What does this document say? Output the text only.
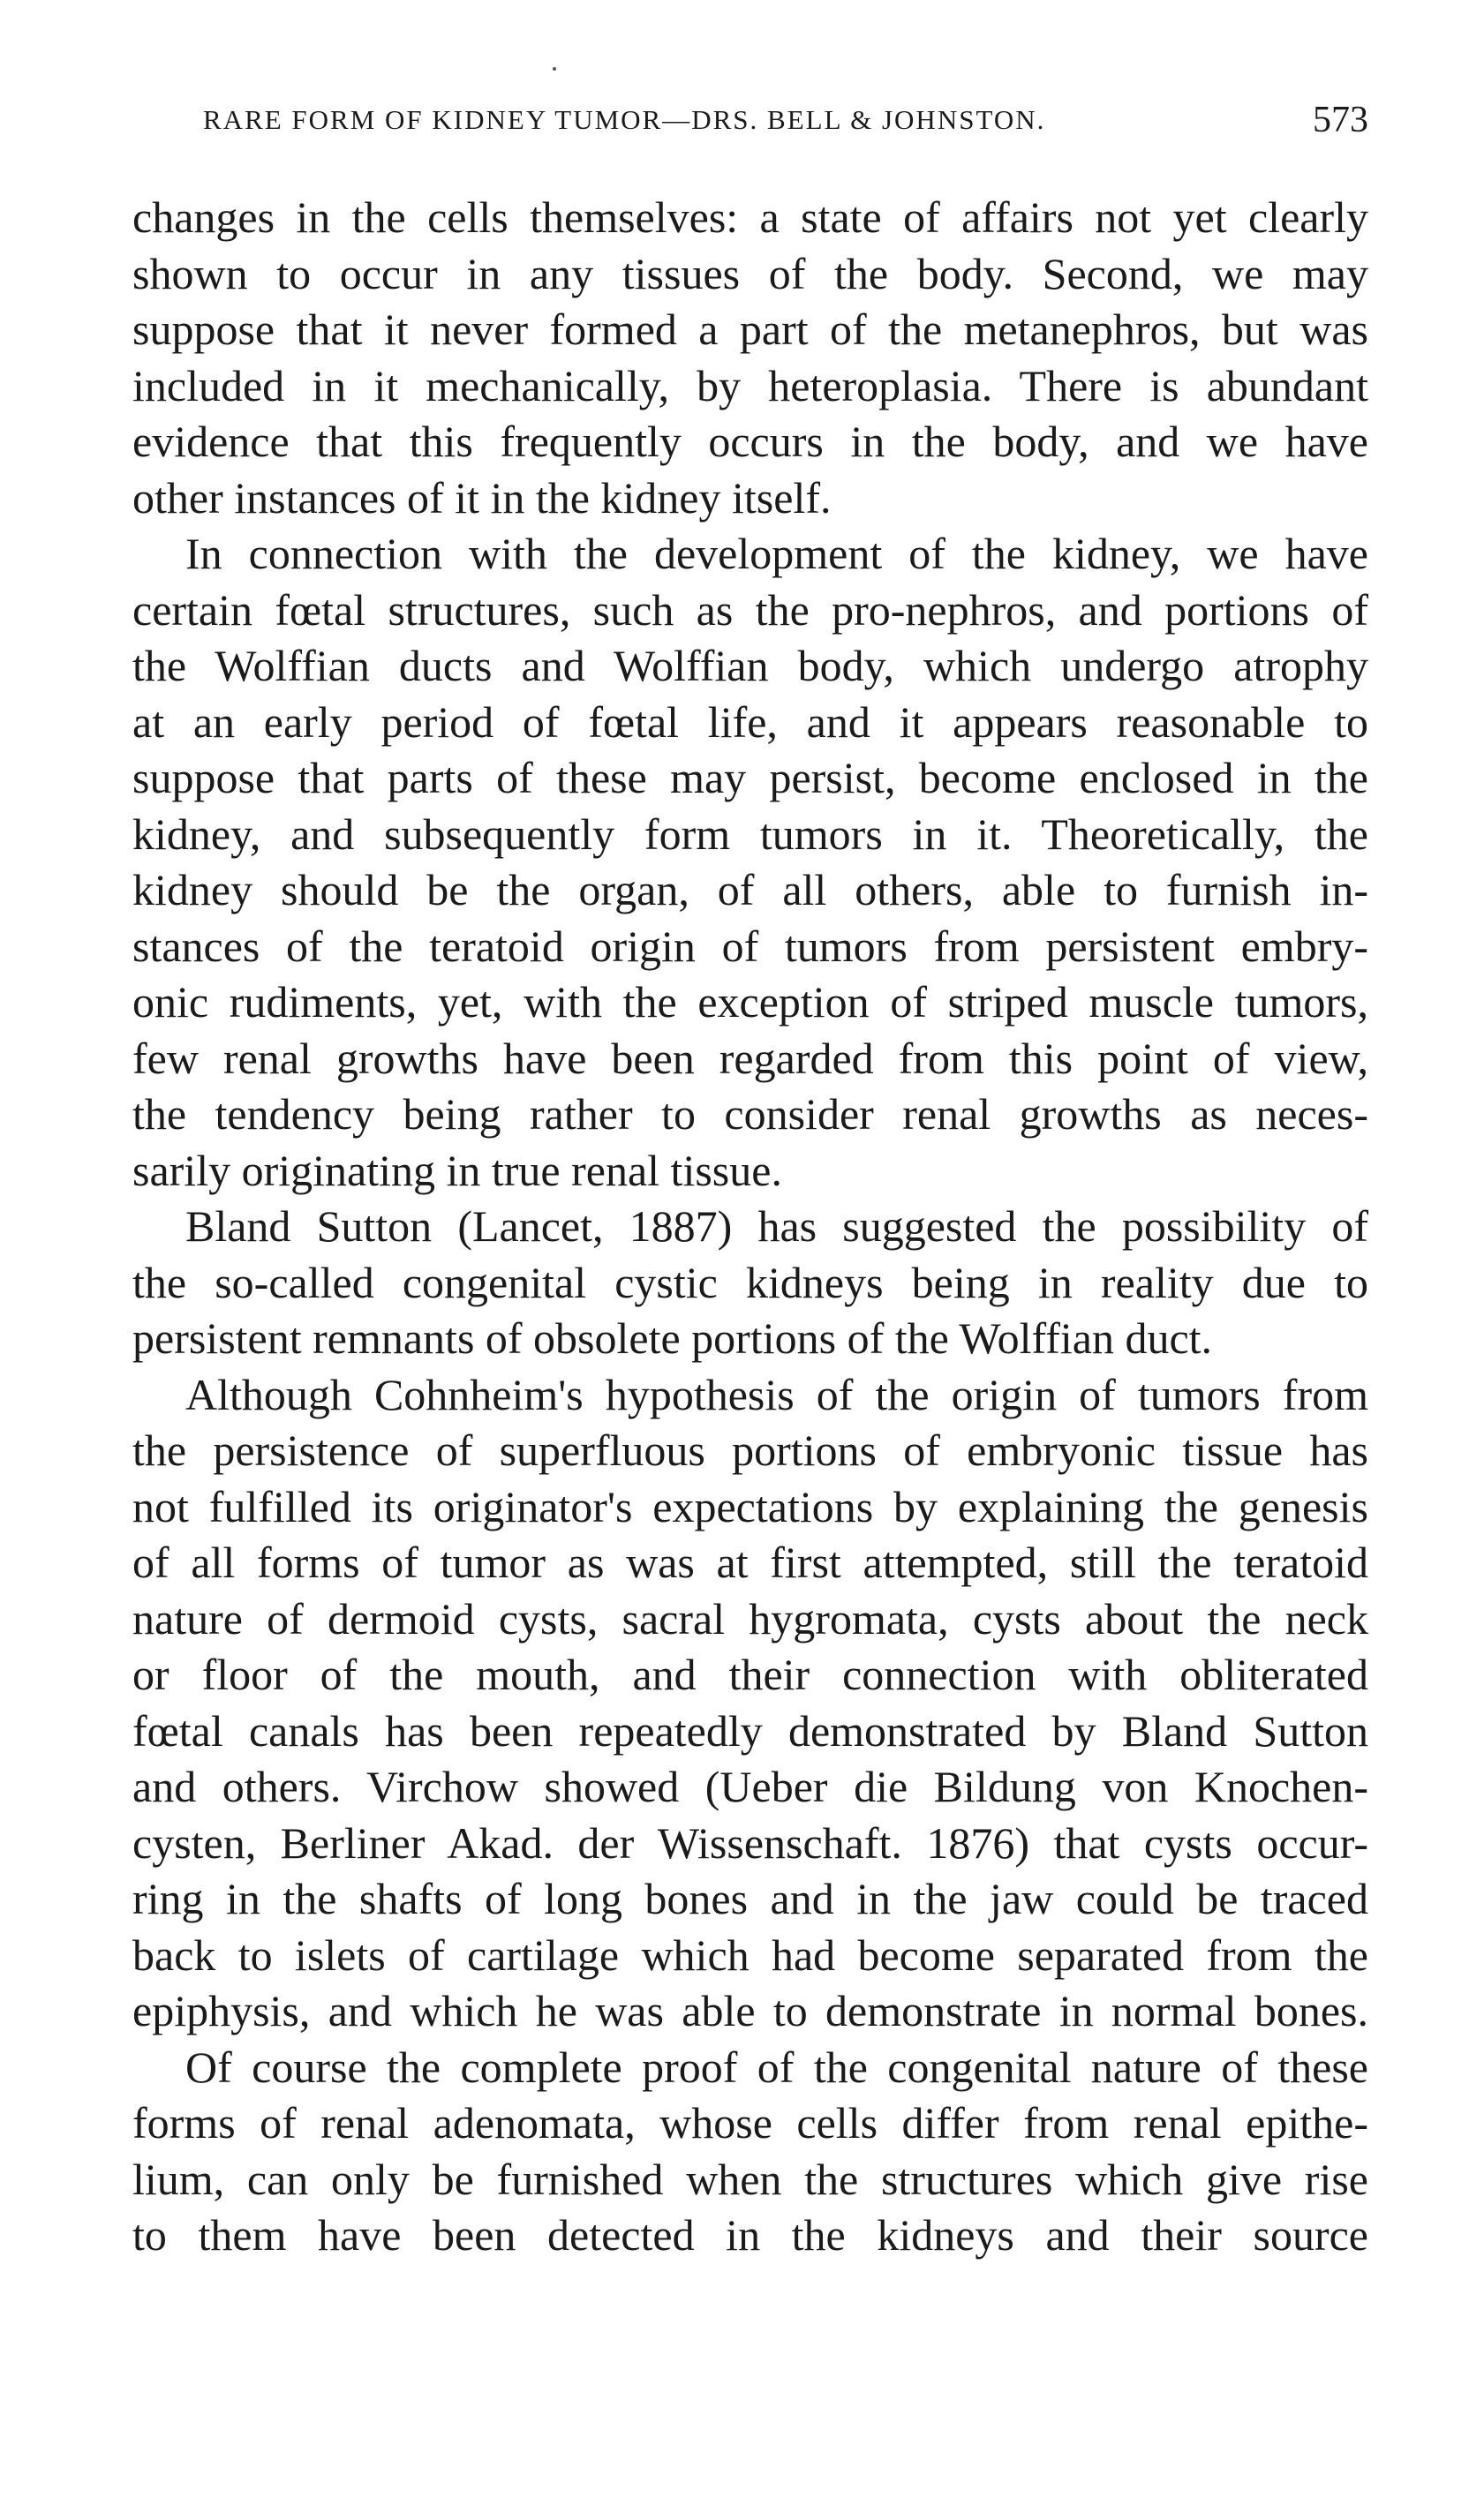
RARE FORM OF KIDNEY TUMOR—DRS. BELL & JOHNSTON.	573
changes in the cells themselves: a state of affairs not yet clearly
shown to occur in any tissues of the body. Second, we may
suppose that it never formed a part of the metanephros, but was
included in it mechanically, by heteroplasia. There is abundant
evidence that this frequently occurs in the body, and we have
other instances of it in the kidney itself.
In connection with the development of the kidney, we have
certain fœtal structures, such as the pro-nephros, and portions of
the Wolffian ducts and Wolffian body, which undergo atrophy
at an early period of fœtal life, and it appears reasonable to
suppose that parts of these may persist, become enclosed in the
kidney, and subsequently form tumors in it. Theoretically, the
kidney should be the organ, of all others, able to furnish in-
stances of the teratoid origin of tumors from persistent embry-
onic rudiments, yet, with the exception of striped muscle tumors,
few renal growths have been regarded from this point of view,
the tendency being rather to consider renal growths as neces-
sarily originating in true renal tissue.
Bland Sutton (Lancet, 1887) has suggested the possibility of
the so-called congenital cystic kidneys being in reality due to
persistent remnants of obsolete portions of the Wolffian duct.
Although Cohnheim's hypothesis of the origin of tumors from
the persistence of superfluous portions of embryonic tissue has
not fulfilled its originator's expectations by explaining the genesis
of all forms of tumor as was at first attempted, still the teratoid
nature of dermoid cysts, sacral hygromata, cysts about the neck
or floor of the mouth, and their connection with obliterated
fœtal canals has been repeatedly demonstrated by Bland Sutton
and others. Virchow showed (Ueber die Bildung von Knochen-
cysten, Berliner Akad. der Wissenschaft. 1876) that cysts occur-
ring in the shafts of long bones and in the jaw could be traced
back to islets of cartilage which had become separated from the
epiphysis, and which he was able to demonstrate in normal bones.
Of course the complete proof of the congenital nature of these
forms of renal adenomata, whose cells differ from renal epithe-
lium, can only be furnished when the structures which give rise
to them have been detected in the kidneys and their source
